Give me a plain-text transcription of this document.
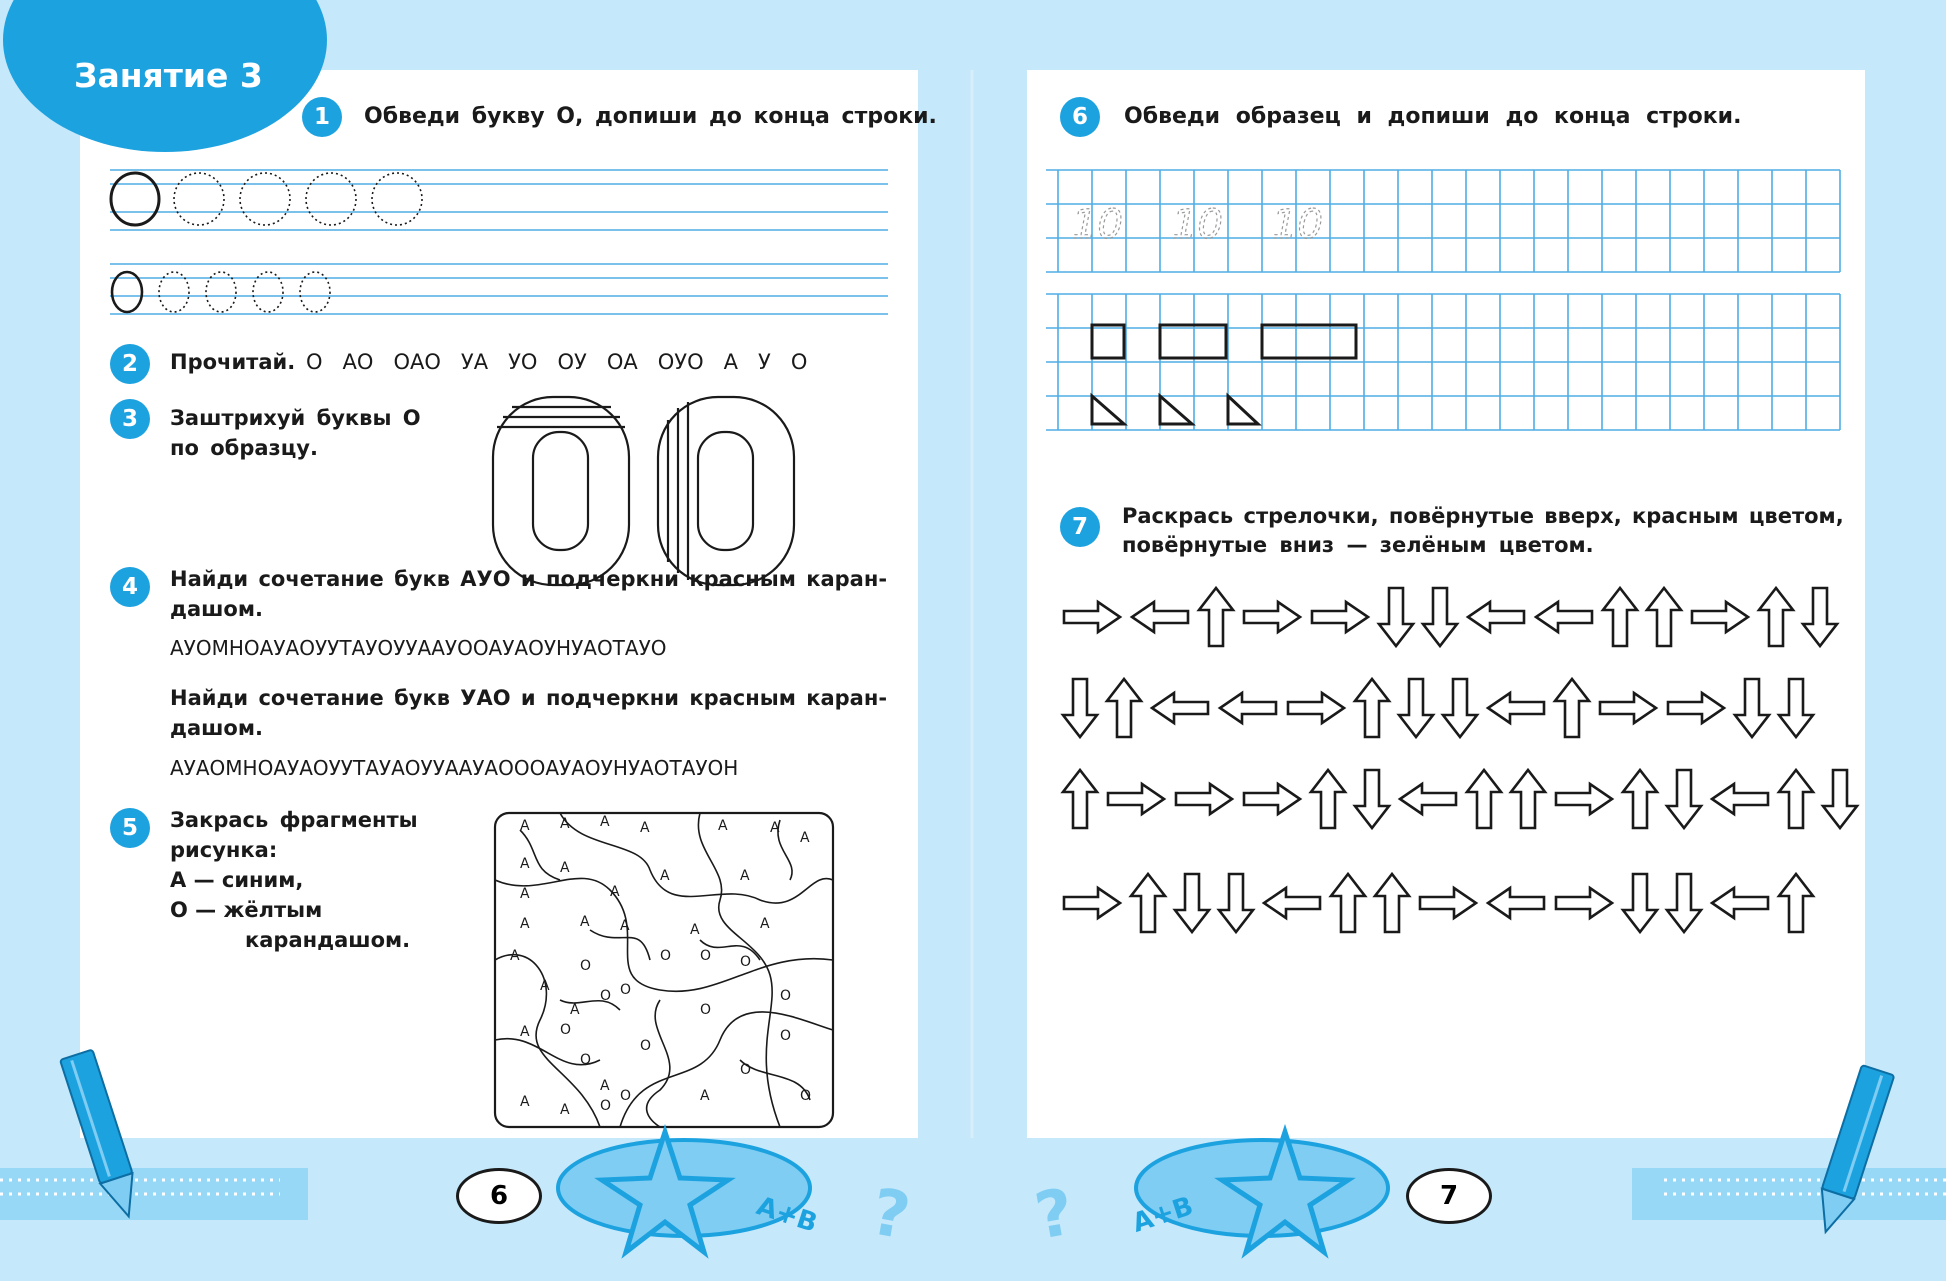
А А А А	А	А
А
А А
А
А	А
А
А
А	А	А	А
А
А
А
А
А А
А
А
О
О
О О О
О
О
О
О
О
О
О
О
О
О
О
10 10 10
Занятие 3
1	Обведи букву О, допиши до конца строки.
2	Прочитай. О   АО   ОАО   УА   УО   ОУ   ОА   ОУО   А   У   О
3	Заштрихуй буквы О
по образцу.
4	Найди сочетание букв АУО и подчеркни красным каран-
дашом.
АУОМНОАУАОУУТАУОУУААУООАУАОУНУАОТАУО
Найди сочетание букв УАО и подчеркни красным каран-
дашом.
АУАОМНОАУАОУУТАУАОУУААУАОООАУАОУНУАОТАУОН
5	Закрась фрагменты
рисунка:
А — синим,
О — жёлтым
карандашом.
6	Обведи образец и допиши до конца строки.
7	Раскрась стрелочки, повёрнутые вверх, красным цветом,
повёрнутые вниз — зелёным цветом.
6	7
А+В	А+В
? ?
